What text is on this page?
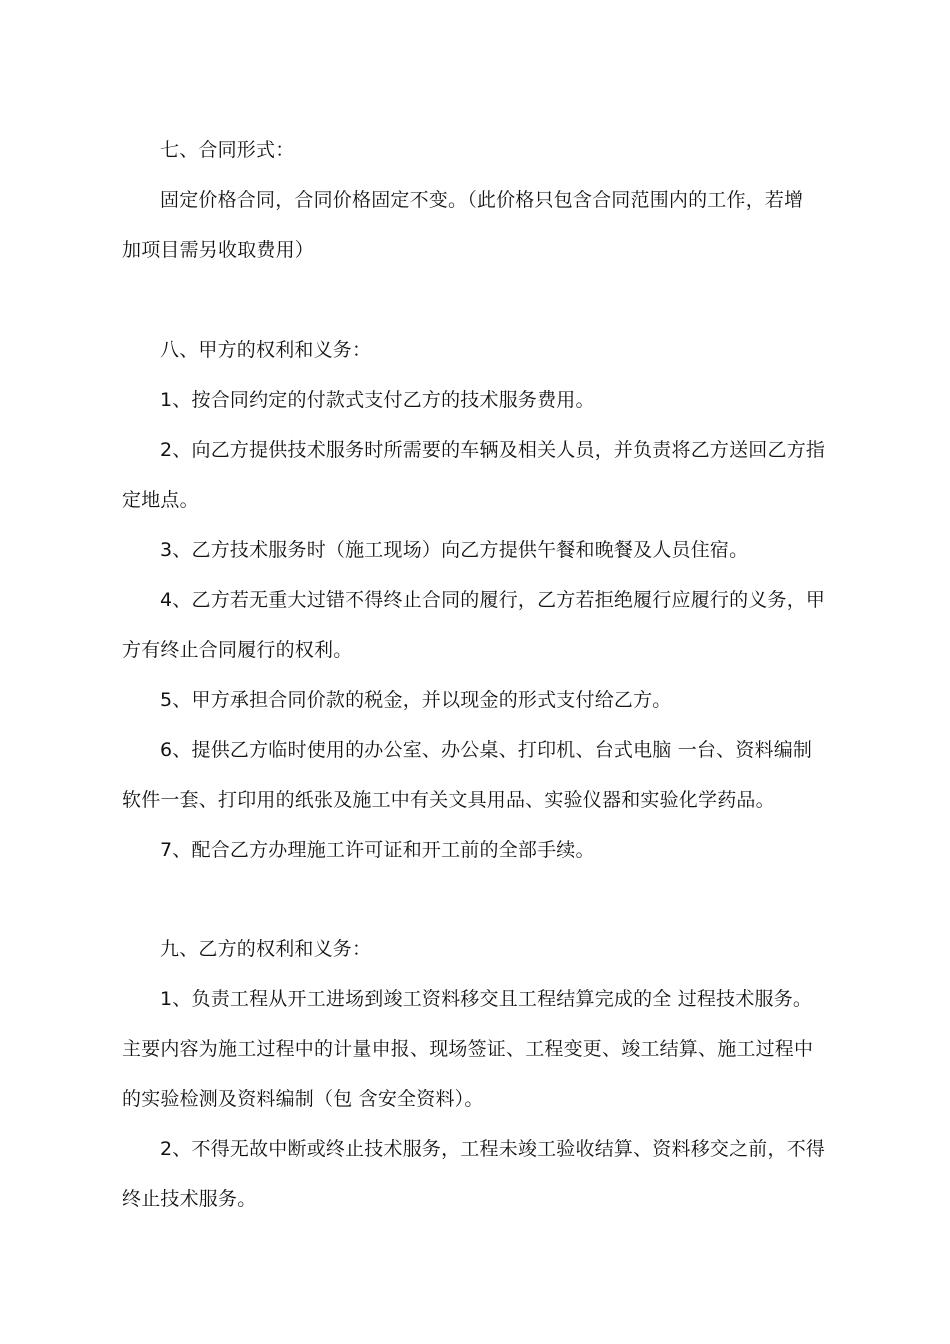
七、合同形式：
固定价格合同，合同价格固定不变。（此价格只包含合同范围内的工作，若增
加项目需另收取费用）
八、甲方的权利和义务：
1、按合同约定的付款式支付乙方的技术服务费用。
2、向乙方提供技术服务时所需要的车辆及相关人员，并负责将乙方送回乙方指
定地点。
3、乙方技术服务时（施工现场）向乙方提供午餐和晚餐及人员住宿。
4、乙方若无重大过错不得终止合同的履行，乙方若拒绝履行应履行的义务，甲
方有终止合同履行的权利。
5、甲方承担合同价款的税金，并以现金的形式支付给乙方。
6、提供乙方临时使用的办公室、办公桌、打印机、台式电脑 一台、资料编制
软件一套、打印用的纸张及施工中有关文具用品、实验仪器和实验化学药品。
7、配合乙方办理施工许可证和开工前的全部手续。
九、乙方的权利和义务：
1、负责工程从开工进场到竣工资料移交且工程结算完成的全 过程技术服务。
主要内容为施工过程中的计量申报、现场签证、工程变更、竣工结算、施工过程中
的实验检测及资料编制（包 含安全资料）。
2、不得无故中断或终止技术服务，工程未竣工验收结算、资料移交之前，不得
终止技术服务。
